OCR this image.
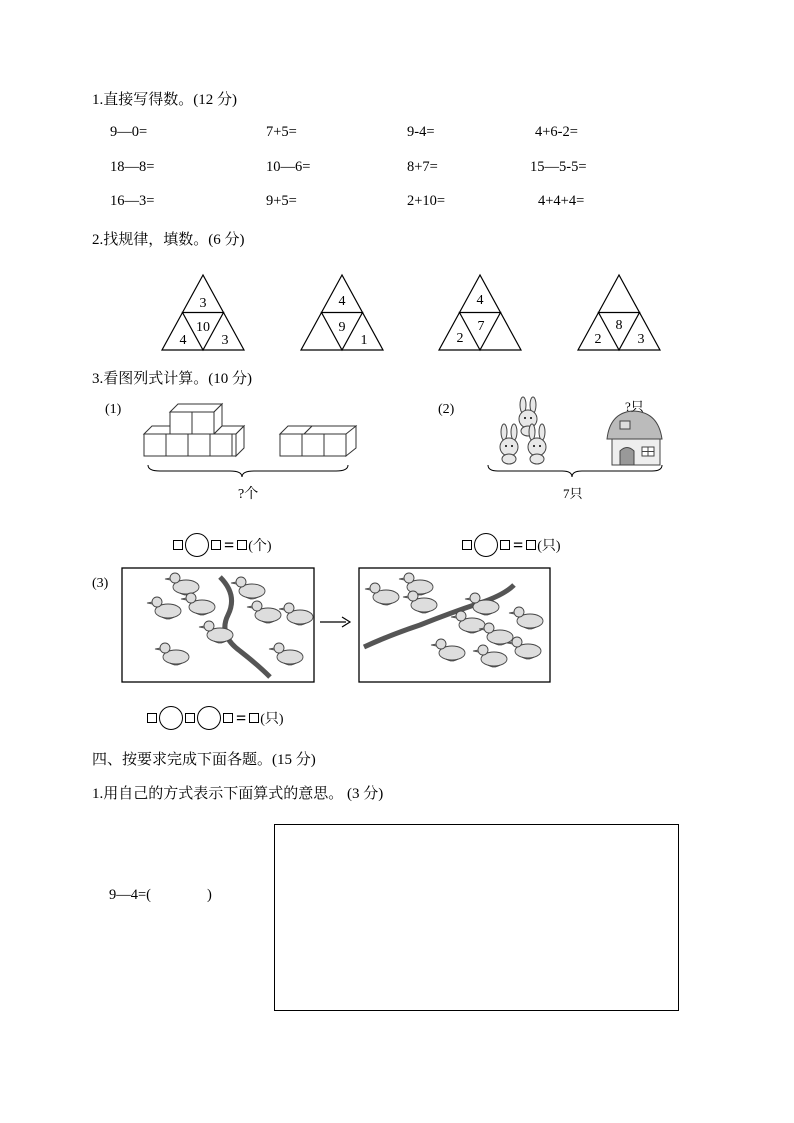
1.直接写得数。(12 分)
9—0=	7+5=	9-4=	4+6-2=
18—8=	10—6=	8+7=	15—5-5=
16—3=	9+5=	2+10=	4+4+4=
2.找规律，填数。(6 分)
3
10
4	3
4
9
1
4
7
2
8
2	3
3.看图列式计算。(10 分)
(1)
?个
(2)	?只
7只
= (个)	= (只)
(3)
= (只)
四、按要求完成下面各题。(15 分)
1.用自己的方式表示下面算式的意思。 (3 分)
9—4=(	)
